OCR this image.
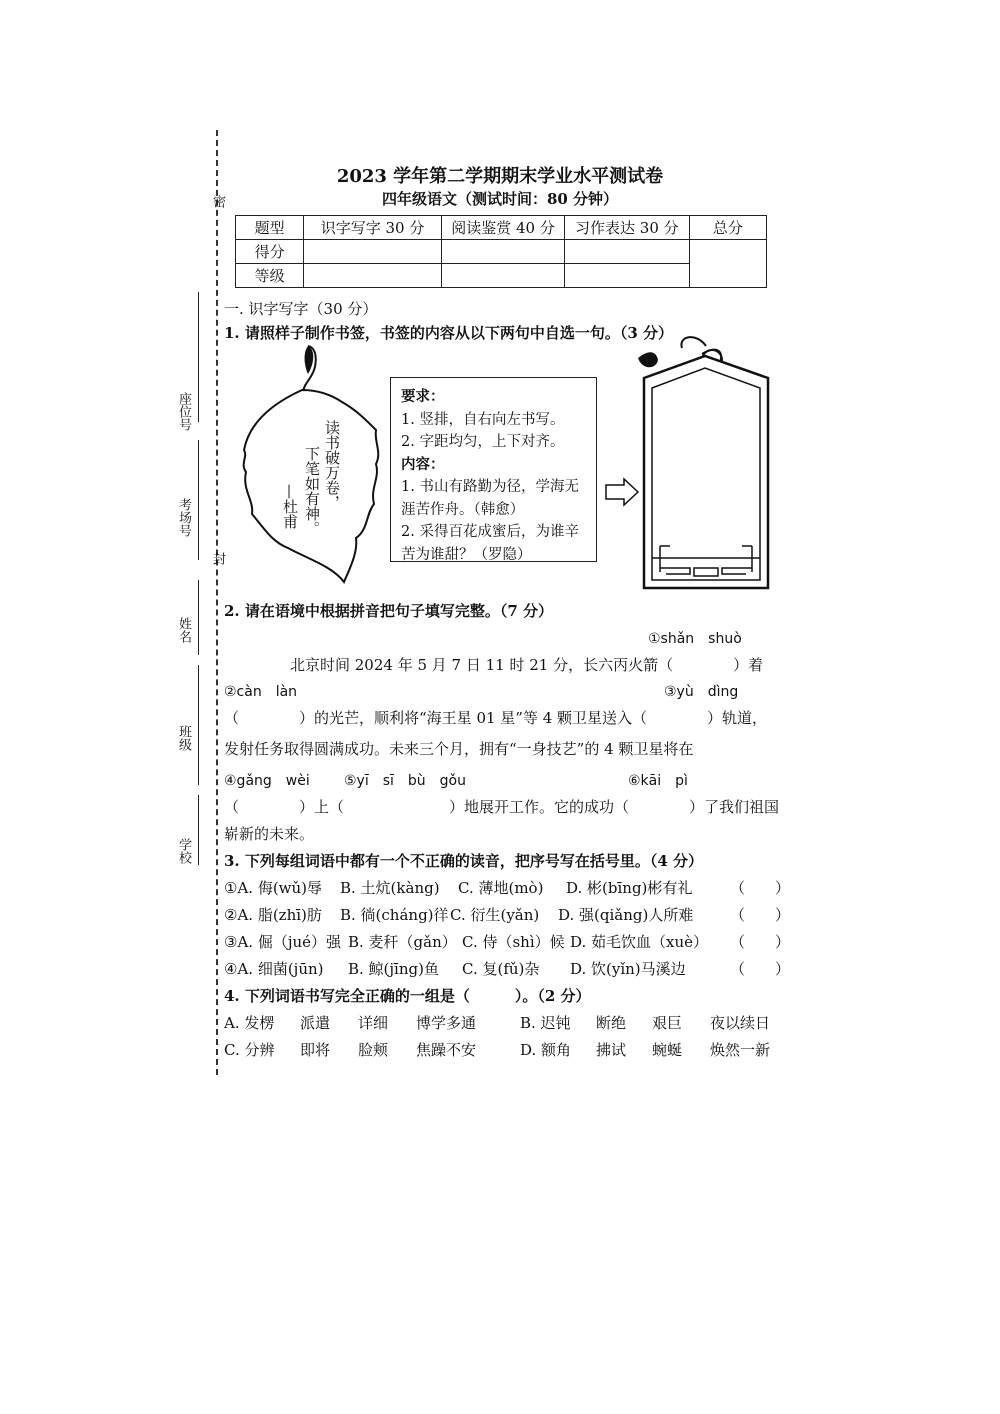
密
封
座位号
考场号
姓名
班级
学校
2023 学年第二学期期末学业水平测试卷
四年级语文（测试时间：80 分钟）
题型	识字写字 30 分	阅读鉴赏 40 分	习作表达 30 分	总分
得分				
等级				
一. 识字写字（30 分）
1. 请照样子制作书签，书签的内容从以下两句中自选一句。（3 分）
读书破万卷，
下笔如有神。
—杜甫
要求：
1. 竖排，自右向左书写。
2. 字距均匀，上下对齐。
内容：
1. 书山有路勤为径，学海无涯苦作舟。（韩愈）
2. 采得百花成蜜后，为谁辛苦为谁甜？（罗隐）
2. 请在语境中根据拼音把句子填写完整。（7 分）
①shǎn　shuò
北京时间 2024 年 5 月 7 日 11 时 21 分，长六丙火箭（　　　　）着
②càn　làn	③yù　dìng
（　　　　）的光芒，顺利将“海王星 01 星”等 4 颗卫星送入（　　　　）轨道，
发射任务取得圆满成功。未来三个月，拥有“一身技艺”的 4 颗卫星将在
④gǎng　wèi ⑤yī　sī　bù　gǒu	⑥kāi　pì
（　　　　）上（　　　　　　　）地展开工作。它的成功（　　　　）了我们祖国
崭新的未来。
3. 下列每组词语中都有一个不正确的读音，把序号写在括号里。（4 分）
①A. 侮(wǔ)辱 B. 土炕(kàng) C. 薄地(mò) D. 彬(bīng)彬有礼	（　　）
②A. 脂(zhī)肪 B. 徜(cháng)徉 C. 衍生(yǎn) D. 强(qiǎng)人所难 （　　）
③A. 倔（jué）强 B. 麦秆（gǎn） C. 侍（shì）候 D. 茹毛饮血（xuè） （　　）
④A. 细菌(jūn) B. 鲸(jīng)鱼 C. 复(fǔ)杂 D. 饮(yǐn)马溪边	（　　）
4. 下列词语书写完全正确的一组是（　　　）。（2 分）
A. 发楞 派遣 详细 博学多通	B. 迟钝 断绝 艰巨 夜以续日
C. 分辨 即将 脸颊 焦躁不安	D. 额角 拂试 蜿蜒 焕然一新
